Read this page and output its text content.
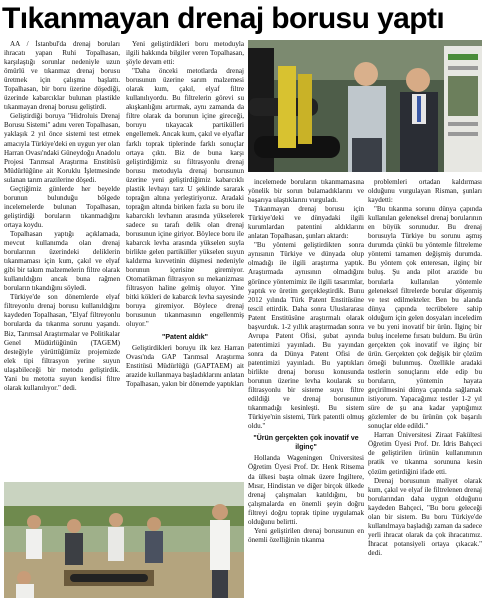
Tıkanmayan drenaj borusu yaptı

AA / İstanbul'da drenaj boruları ihracatı yapan Ruhi Topalhasan, karşılaştığı sorunlar nedeniyle uzun ömürlü ve tıkanmaz drenaj borusu üretmek için çalışma başlattı. Topalhasan, bir boru üzerine döşediği, üzerinde kabarcıklar bulunan plastikle tıkanmayan drenaj borusu geliştirdi.

Geliştirdiği boruya "Hidroluis Drenaj Borusu Sistemi" adını veren Topalhasan, yaklaşık 2 yıl önce sistemi test etmek amacıyla Türkiye'deki en uygun yer olan Harran Ovası'ndaki Güneydoğu Anadolu Projesi Tarımsal Araştırma Enstitüsü Müdürlüğüne ait Koruklu İşletmesinde sulanan tarım arazilerine döşedi.

Geçtiğimiz günlerde her beyelde borunun bulunduğu bölgede incelemelerde bulunan Topalhasan, geliştirdiği boruların tıkanmadığını ortaya koydu.

Topalhasan yaptığı açıklamada, mevcut kullanımda olan drenaj borularının üzerindeki deliklerin tıkanmaması için kum, çakıl ve elyaf gibi bir takım malzemelerin filtre olarak kullanıldığını ancak buna rağmen boruların tıkandığını söyledi.

Türkiye'de son dönemlerde elyaf filtreyonlu drenaj borusu kullanıldığını kaydeden Topalhasan, "Elyaf filtreyonlu borularda da tıkanma sorunu yaşandı. Biz, Tarımsal Araştırmalar ve Politikalar Genel Müdürlüğünün (TAGEM) desteğiyle yürüttüğümüz projemizde elek tipi filtrasyon yerine suyun ulaşabileceği bir metodu geliştirdik. Yani bu metotta suyun kendisi filtre olarak kullanılıyor." dedi.

Yeni geliştirdikleri boru metoduyla ilgili hakkında bilgiler veren Topalhasan, şöyle devam etti:

"Daha önceki metotlarda drenaj borusunun üzerine sarım malzemesi olarak kum, çakıl, elyaf filtre kullanılıyordu. Bu filtrelerin görevi su akışkanlığını artırmak, aynı zamanda da filtre olarak da borunun içine gireceği, boruyu tıkayacak partikülleri engellemek. Ancak kum, çakıl ve elyaflar farklı toprak tiplerinde farklı sonuçlar ortaya çıktı. Biz de buna karşı geliştirdiğimiz su filtrasyonlu drenaj borusu metoduyla drenaj borusunun üzerine yeni geliştirdiğimiz kabarcıklı plastik levhayı tarz U şeklinde sararak toprağın altına yerleştiriyoruz. Aradaki toprağın altında biriken fazla su boru ile kabarcıklı levhanın arasında yükselerek sadece su tarafı delik olan drenaj borusunun içine giriyor. Böylece boru ile kabarcık levha arasında yükselen suyla birlikte gelen partiküller yükselen suyun kaldırma kuvvetinin düşmesi nedeniyle borunun içerisine giremiyor. Otomatikman filtrasyon su mekanizması filtrasyon haline gelmiş oluyor. Yine bitki kökleri de kabarcık levha sayesinde boruya giremiyor. Böylece drenaj borusunun tıkanmasının engellenmiş oluyor."

"Patent aldık"

Geliştirdikleri boruyu ilk kez Harran Ovası'nda GAP Tarımsal Araştırma Enstitüsü Müdürlüğü (GAPTAEM) ait arazide kullanmaya başladıklarını anlatan Topalhasan, yakın bir dönemde yaptıkları

incelemede boruların tıkanmamasına yönelik bir sorun bulamadıklarını ve başarıya ulaştıklarını vurguladı.

Tıkanmayan drenaj borusu için Türkiye'deki ve dünyadaki ilgili kurumlardan patentini aldıklarını anlatan Topalhasan, şunları aktardı:

"Bu yöntemi geliştirdikten sonra aynısının Türkiye ve dünyada olup olmadığı ile ilgili araştırma yaptık. Araştırmada aynısının olmadığını görünce yöntemimiz ile ilgili tasarımlar, yaptık ve üretim gerçekleştirdik. Bunu 2012 yılında Türk Patent Enstitüsüne tescil ettirdik. Daha sonra Uluslararası Patent Enstitüsüne araştırmalı olarak başvurduk. 1-2 yıllık araştırmadan sonra Avrupa Patent Ofisi, şubat ayında patentimizi yayınladı. Bu yayından sonra da Dünya Patent Ofisi de patentimizi yayınladı. Bu yaptıkları birlikte drenaj borusu konusunda borunun üzerine levha koularak su filtrasyonlu bir sisteme suyu filtre edildiği ve drenaj borusunun tıkanmadığı kesinleşti. Bu sistem Türkiye'nin sistemi, Türk patentli olmuş oldu."

"Ürün gerçekten çok inovatif ve ilginç"

Hollanda Wageningen Üniversitesi Öğretim Üyesi Prof. Dr. Henk Ritsema da ülkesi başta olmak üzere İngiltere, Mısır, Hindistan ve diğer birçok ülkede drenaj çalışmaları katıldığını, bu çalışmalarda en önemli şeyin doğru filtreyi doğru toprak tipine uygulamak olduğunu belirtti.

Yeni geliştirilen drenaj borusunun en önemli özelliğinin tıkanma

problemleri ortadan kaldırması olduğunu vurgulayan Risman, şunları kaydetti:

"Bu tıkanma sorunu dünya çapında kullanılan geleneksel drenaj borularının en büyük sorunudur. Bu drenaj borusuyla Türkiye bu sorunu aşmış durumda çünkü bu yöntemle filtreleme yöntemi tamamen değişmiş durumda. Bu yöntem çok enteresan, ilginç bir buluş. Şu anda pilot arazide bu borularla kullanılan yöntemle geleneksel filtrelerde borular döşenmiş ve test edilmekteler. Ben bu alanda dünya çapında tecrübelere sahip olduğum için gelen dosyaları inceledim ve bu yeni inovatif bir ürün. İlginç bir buluş inceleme fırsatı buldum. Bu ürün gerçekten çok inovatif ve ilginç bir ürün. Gerçekten çok değişik bir çözüm örneği bulunmuş. Özellikle aradaki testlerin sonuçlarını elde edip bu boruların, yöntemin hayata geçirilmesini dünya çapında sağlamak istiyorum. Yapacağımız testler 1-2 yıl süre de şu ana kadar yaptığımız gözlemler de bu ürünün çok başarılı sonuçlar elde edildi."

Harran Üniversitesi Ziraat Fakültesi Öğretim Üyesi Prof. Dr. İdris Bahçeci de geliştirilen ürünün kullanımının pratik ve tıkanma sorununa kesin çözüm getirdiğini ifade etti.

Drenaj borusunun maliyet olarak kum, çakıl ve elyaf ile filtrelenen drenaj borularından daha uygun olduğunu kaydeden Bahçeci, "Bu boru geleceği olan bir sistem. Bu boru Türkiye'de kullanılmaya başladığı zaman da sadece yerli ihracat olarak da çok ihracatımız. İhracat potansiyeli ortaya çıkacak." dedi.
